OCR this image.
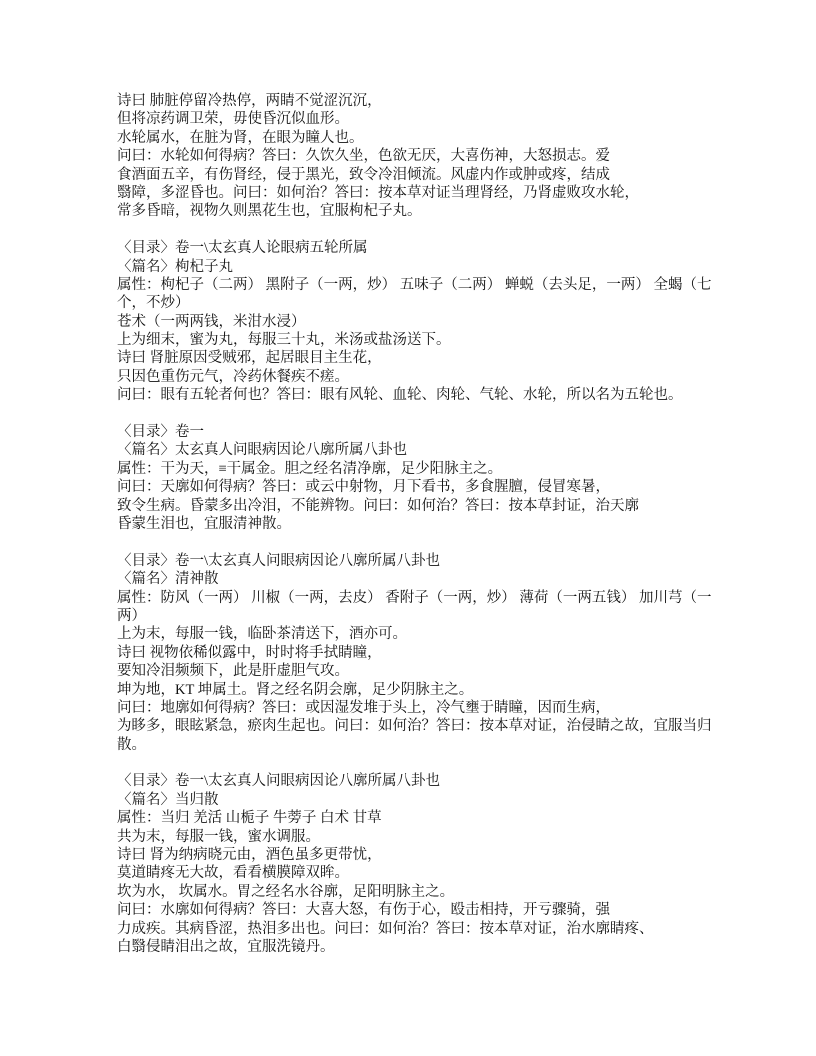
诗曰 肺脏停留冷热停，两睛不觉涩沉沉，
但将凉药调卫荣，毋使昏沉似血形。
水轮属水，在脏为肾，在眼为瞳人也。
问曰：水轮如何得病？答曰：久饮久坐，色欲无厌，大喜伤神，大怒损志。爱
食酒面五辛，有伤肾经，侵于黑光，致令冷泪倾流。风虚内作或肿或疼，结成
翳障，多涩昏也。问曰：如何治？答曰：按本草对证当理肾经，乃肾虚败攻水轮，
常多昏暗，视物久则黑花生也，宜服枸杞子丸。
〈目录〉卷一\太玄真人论眼病五轮所属
〈篇名〉枸杞子丸
属性：枸杞子（二两） 黑附子（一两，炒） 五味子（二两） 蝉蜕（去头足，一两） 全蝎（七
个，不炒）
苍术（一两两钱，米泔水浸）
上为细末，蜜为丸，每服三十丸，米汤或盐汤送下。
诗曰 肾脏原因受贼邪，起居眼目主生花，
只因色重伤元气，冷药休餐疾不瘥。
问曰：眼有五轮者何也？答曰：眼有风轮、血轮、肉轮、气轮、水轮，所以名为五轮也。
〈目录〉卷一
〈篇名〉太玄真人问眼病因论八廓所属八卦也
属性：干为天，≡干属金。胆之经名清净廓，足少阳脉主之。
问曰：天廓如何得病？答曰：或云中射物，月下看书，多食腥膻，侵冒寒暑，
致令生病。昏蒙多出冷泪，不能辨物。问曰：如何治？答曰：按本草封证，治天廓
昏蒙生泪也，宜服清神散。
〈目录〉卷一\太玄真人问眼病因论八廓所属八卦也
〈篇名〉清神散
属性：防风（一两） 川椒（一两，去皮） 香附子（一两，炒） 薄荷（一两五钱） 加川芎（一
两）
上为末，每服一钱，临卧茶清送下，酒亦可。
诗曰 视物依稀似露中，时时将手拭睛瞳，
要知冷泪频频下，此是肝虚胆气攻。
坤为地，KT 坤属土。肾之经名阴会廓，足少阴脉主之。
问曰：地廓如何得病？答曰：或因湿发堆于头上，冷气壅于睛瞳，因而生病，
为眵多，眼眩紧急，瘀肉生起也。问曰：如何治？答曰：按本草对证，治侵睛之故，宜服当归
散。
〈目录〉卷一\太玄真人问眼病因论八廓所属八卦也
〈篇名〉当归散
属性：当归 羌活 山栀子 牛蒡子 白术 甘草
共为末，每服一钱，蜜水调服。
诗曰 肾为纳病晓元由，酒色虽多更带忧，
莫道睛疼无大故，看看横膜障双眸。
坎为水， 坎属水。胃之经名水谷廓，足阳明脉主之。
问曰：水廓如何得病？答曰：大喜大怒，有伤于心，殴击相持，开亏骤骑，强
力成疾。其病昏涩，热泪多出也。问曰：如何治？答曰：按本草对证，治水廓睛疼、
白翳侵睛泪出之故，宜服洗镜丹。
